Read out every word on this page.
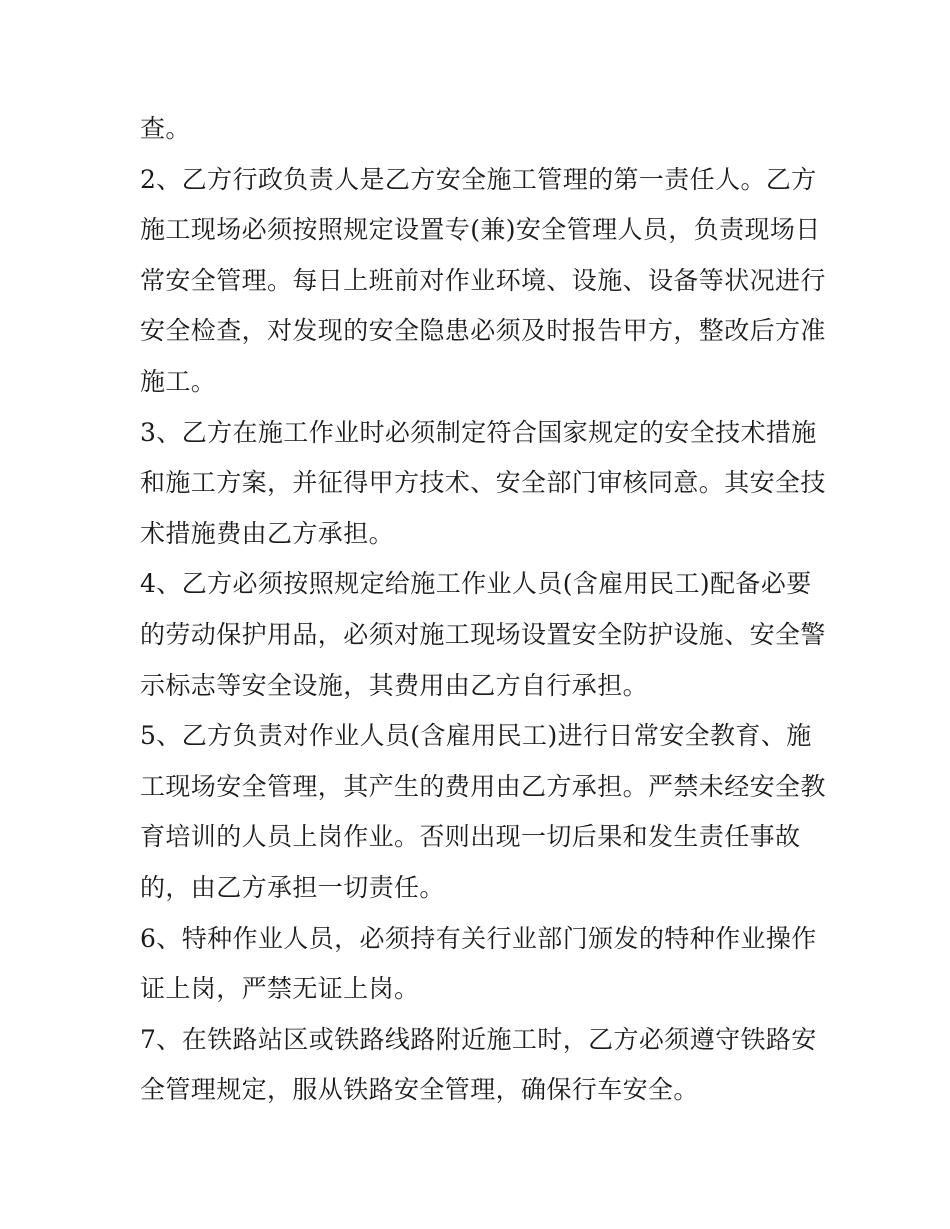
查。
2、乙方行政负责人是乙方安全施工管理的第一责任人。乙方
施工现场必须按照规定设置专(兼)安全管理人员，负责现场日
常安全管理。每日上班前对作业环境、设施、设备等状况进行
安全检查，对发现的安全隐患必须及时报告甲方，整改后方准
施工。
3、乙方在施工作业时必须制定符合国家规定的安全技术措施
和施工方案，并征得甲方技术、安全部门审核同意。其安全技
术措施费由乙方承担。
4、乙方必须按照规定给施工作业人员(含雇用民工)配备必要
的劳动保护用品，必须对施工现场设置安全防护设施、安全警
示标志等安全设施，其费用由乙方自行承担。
5、乙方负责对作业人员(含雇用民工)进行日常安全教育、施
工现场安全管理，其产生的费用由乙方承担。严禁未经安全教
育培训的人员上岗作业。否则出现一切后果和发生责任事故
的，由乙方承担一切责任。
6、特种作业人员，必须持有关行业部门颁发的特种作业操作
证上岗，严禁无证上岗。
7、在铁路站区或铁路线路附近施工时，乙方必须遵守铁路安
全管理规定，服从铁路安全管理，确保行车安全。
